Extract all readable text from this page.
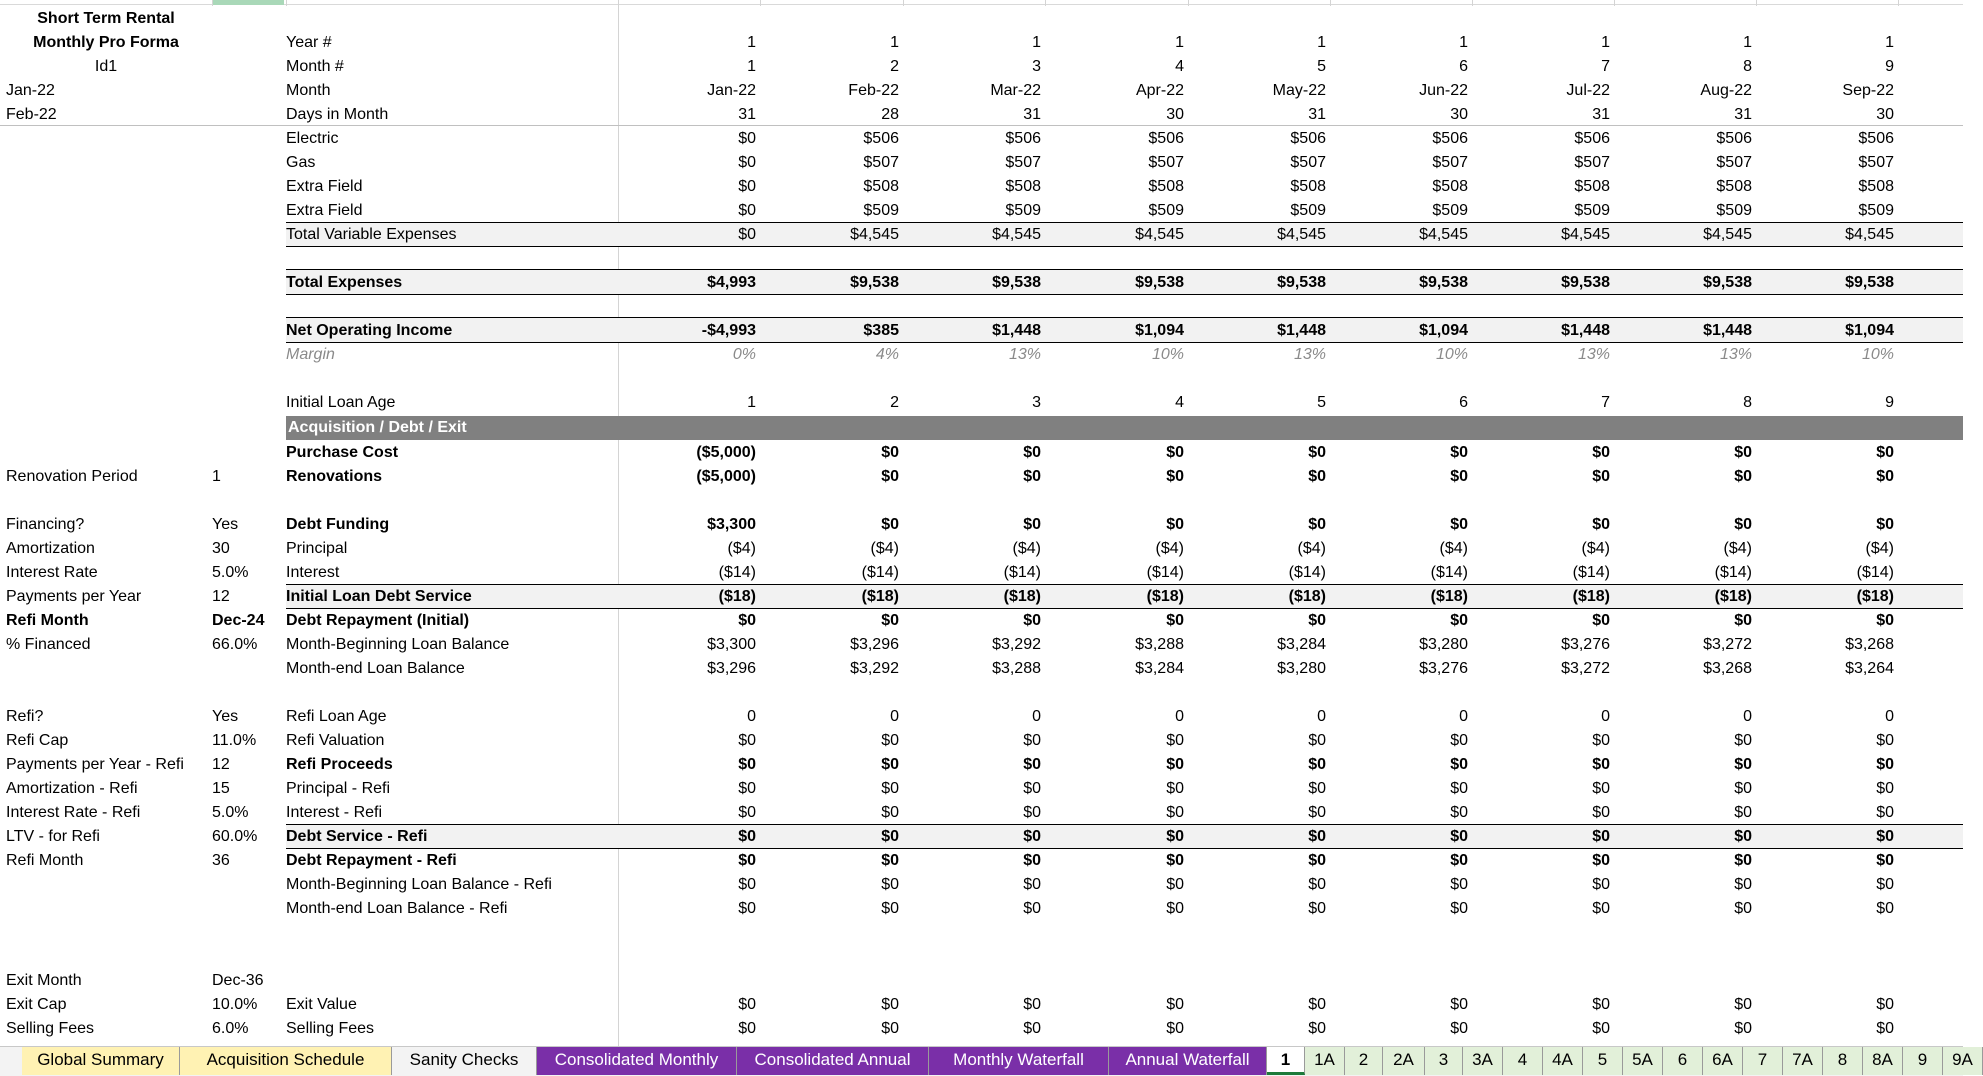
Short Term Rental
Monthly Pro Forma
Id1
Jan-22
Feb-22
Renovation Period	1
Financing?	Yes
Amortization	30
Interest Rate	5.0%
Payments per Year	12
Refi Month	Dec-24
% Financed	66.0%
Refi?	Yes
Refi Cap	11.0%
Payments per Year - Refi	12
Amortization - Refi	15
Interest Rate - Refi	5.0%
LTV - for Refi	60.0%
Refi Month	36
Exit Month	Dec-36
Exit Cap	10.0%
Selling Fees	6.0%
Acquisition / Debt / Exit
Year #	1	1	1	1	1	1	1	1	1
Month #	1	2	3	4	5	6	7	8	9
Month	Jan-22	Feb-22	Mar-22	Apr-22	May-22	Jun-22	Jul-22	Aug-22	Sep-22
Days in Month	31	28	31	30	31	30	31	31	30
Electric	$0	$506	$506	$506	$506	$506	$506	$506	$506
Gas	$0	$507	$507	$507	$507	$507	$507	$507	$507
Extra Field	$0	$508	$508	$508	$508	$508	$508	$508	$508
Extra Field	$0	$509	$509	$509	$509	$509	$509	$509	$509
Total Variable Expenses	$0	$4,545	$4,545	$4,545	$4,545	$4,545	$4,545	$4,545	$4,545
Total Expenses	$4,993	$9,538	$9,538	$9,538	$9,538	$9,538	$9,538	$9,538	$9,538
Net Operating Income	-$4,993	$385	$1,448	$1,094	$1,448	$1,094	$1,448	$1,448	$1,094
Margin	0%	4%	13%	10%	13%	10%	13%	13%	10%
Initial Loan Age	1	2	3	4	5	6	7	8	9
Purchase Cost	($5,000)	$0	$0	$0	$0	$0	$0	$0	$0
Renovations	($5,000)	$0	$0	$0	$0	$0	$0	$0	$0
Debt Funding	$3,300	$0	$0	$0	$0	$0	$0	$0	$0
Principal	($4)	($4)	($4)	($4)	($4)	($4)	($4)	($4)	($4)
Interest	($14)	($14)	($14)	($14)	($14)	($14)	($14)	($14)	($14)
Initial Loan Debt Service	($18)	($18)	($18)	($18)	($18)	($18)	($18)	($18)	($18)
Debt Repayment (Initial)	$0	$0	$0	$0	$0	$0	$0	$0	$0
Month-Beginning Loan Balance	$3,300	$3,296	$3,292	$3,288	$3,284	$3,280	$3,276	$3,272	$3,268
Month-end Loan Balance	$3,296	$3,292	$3,288	$3,284	$3,280	$3,276	$3,272	$3,268	$3,264
Refi Loan Age	0	0	0	0	0	0	0	0	0
Refi Valuation	$0	$0	$0	$0	$0	$0	$0	$0	$0
Refi Proceeds	$0	$0	$0	$0	$0	$0	$0	$0	$0
Principal - Refi	$0	$0	$0	$0	$0	$0	$0	$0	$0
Interest - Refi	$0	$0	$0	$0	$0	$0	$0	$0	$0
Debt Service - Refi	$0	$0	$0	$0	$0	$0	$0	$0	$0
Debt Repayment - Refi	$0	$0	$0	$0	$0	$0	$0	$0	$0
Month-Beginning Loan Balance - Refi	$0	$0	$0	$0	$0	$0	$0	$0	$0
Month-end Loan Balance - Refi	$0	$0	$0	$0	$0	$0	$0	$0	$0
Exit Value	$0	$0	$0	$0	$0	$0	$0	$0	$0
Selling Fees	$0	$0	$0	$0	$0	$0	$0	$0	$0
Global Summary	Acquisition Schedule	Sanity Checks	Consolidated Monthly	Consolidated Annual	Monthly Waterfall	Annual Waterfall	1	1A	2	2A	3	3A	4	4A	5	5A	6	6A	7	7A	8	8A	9	9A
